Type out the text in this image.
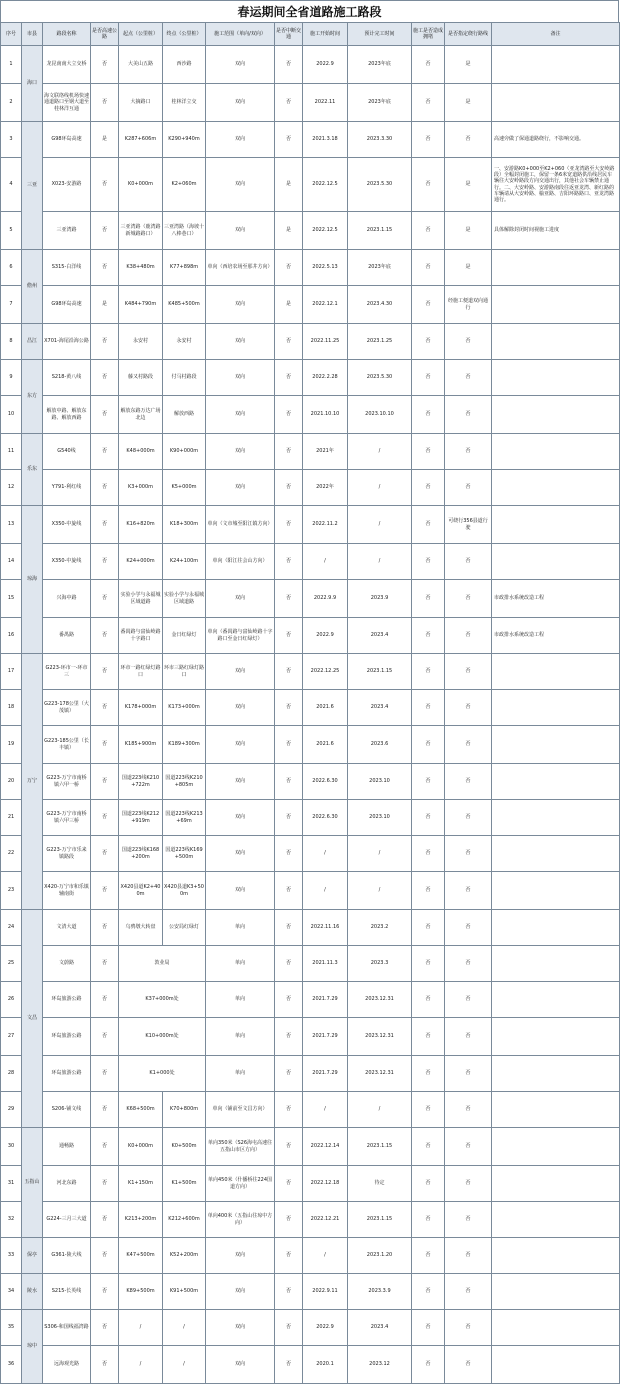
春运期间全省道路施工路段
序号	市县	路段名称	是否高速公路	起点（公里桩）	终点（公里桩）	施工范围（单向/双向）	是否中断交通	施工开始时间	预计完工时间	施工是否造成拥堵	是否指定绕行路线	备注
1	海口	龙昆南南大立交桥	否	大美山五路	西沙路	双向	否	2022.9	2023年底	否	是	
2		海文联络线机场快速通道路口至钢大道至桂林洋互通	否	大摘路口	桂林洋立交	双向	否	2022.11	2023年底	否	是	
3	三亚	G98环岛高速	是	K287+606m	K290+940m	双向	否	2021.3.18	2023.3.30	否	否	高速旁做了保通道路绕行，不影响交通。
4		X023-安游路	否	K0+000m	K2+060m	双向	是	2022.12.5	2023.5.30	否	是	一、安游路K0+000至K2+060（亚龙湾路至大安岭路段）全幅封闭施工，保留一条6米宽道路供沿线居民车辆往大安岭路段方向交通出行，其他社会车辆禁止通行。二、大安岭路、安游路南段往返亚龙湾、新红路的车辆请从大安岭路、榆亚路、吉阳环路路口、亚龙湾路通行。
5		三亚湾路	否	三亚湾路（鹿湾路新城路路口）	三亚湾路（海坡十八棒巷口）	双向	是	2022.12.5	2023.1.15	否	是	具体解除封闭时间视施工进度
6	儋州	S315-白洋线	否	K38+480m	K77+898m	单向（西培农场至那井方向）	否	2022.5.13	2023年底	否	是	
7		G98环岛高速	是	K484+790m	K485+500m	双向	是	2022.12.1	2023.4.30	否	经施工便道双向通行	
8	昌江	X701-海尾沿海公路	否	永安村	永安村	双向	否	2022.11.25	2023.1.25	否	否	
9	东方	S218-黄八线	否	藤又村路段	付马村路段	双向	否	2022.2.28	2023.5.30	否	否	
10		解放中路、解放东路、解放西路	否	解放东路万达广场北边	解放西路	双向	否	2021.10.10	2023.10.10	否	否	
11	乐东	G540线	否	K48+000m	K90+000m	双向	否	2021年	/	否	否	
12		Y791-利红线	否	K3+000m	K5+000m	双向	否	2022年	/	否	否	
13	琼海	X350-中旋线	否	K16+820m	K18+300m	单向（文市墟至阳江镇方向）	否	2022.11.2	/	否	可绕行356县道行驶	
14		X350-中旋线	否	K24+000m	K24+100m	单向（阳江往会山方向）	否	/	/	否	否	
15		兴海中路	否	实验小学与永福城区域道路	实验小学与永福城区域道路	双向	否	2022.9.9	2023.9	否	否	市政排水系统改造工程
16		番禺路	否	番禺路与富仙岭路十字路口	金日红绿灯	单向（番禺路与富仙岭路十字路口至金日红绿灯）	否	2022.9	2023.4	否	否	市政排水系统改造工程
17	万宁	G223-环市一-环市三	否	环市一路红绿灯路口	环市三路红绿灯路口	双向	否	2022.12.25	2023.1.15	否	否	
18		G223-178公里（大茂镇）	否	K178+000m	K173+000m	双向	否	2021.6	2023.4	否	否	
19		G223-185公里（长丰镇）	否	K185+900m	K189+300m	双向	否	2021.6	2023.6	否	否	
20		G223-万宁市南桥镇六甲一桥	否	国道223线K210+722m	国道223线K210+805m	双向	否	2022.6.30	2023.10	否	否	
21		G223-万宁市南桥镇六甲三桥	否	国道223线K212+919m	国道223线K213+69m	双向	否	2022.6.30	2023.10	否	否	
22		G223-万宁市乐来镇路段	否	国道223线K168+200m	国道223线K169+500m	双向	否	/	/	否	否	
23		X420-万宁市和乐镇辅南街	否	X420县道K2+400m	X420县道K3+500m	双向	否	/	/	否	否	
24	文昌	文清大道	否	乌鸦墩大转盘	公安局红绿灯	单向	否	2022.11.16	2023.2	否	否	
25		文蔚路	否	敦业局		单向	否	2021.11.3	2023.3	否	否	
26		环岛旅游公路	否	K37+000m处		单向	否	2021.7.29	2023.12.31	否	否	
27		环岛旅游公路	否	K10+000m处		单向	否	2021.7.29	2023.12.31	否	否	
28		环岛旅游公路	否	K1+000处		单向	否	2021.7.29	2023.12.31	否	否	
29		S206-铺文线	否	K68+500m	K70+800m	单向（铺前至文昌方向）	否	/	/	否	否	
30	五指山	通畅路	否	K0+000m	K0+500m	单向350米（S26海屯高速往五指山市区方向）	否	2022.12.14	2023.1.15	否	否	
31		河北东路	否	K1+150m	K1+500m	单向450米（什播桥往224国道方向）	否	2022.12.18	待定	否	否	
32		G224-三月三大道	否	K213+200m	K212+600m	单向400米（五指山往琼中方向）	否	2022.12.21	2023.1.15	否	否	
33	保亭	G361-陵大线	否	K47+500m	K52+200m	双向	否	/	2023.1.20	否	否	
34	陵水	S215-长英线	否	K89+500m	K91+500m	双向	否	2022.9.11	2023.3.9	否	否	
35	琼中	S306-和国线福湾路	否	/	/	双向	否	2022.9	2023.4	否	否	
36		远海观光路	否	/	/	双向	否	2020.1	2023.12	否	否	
